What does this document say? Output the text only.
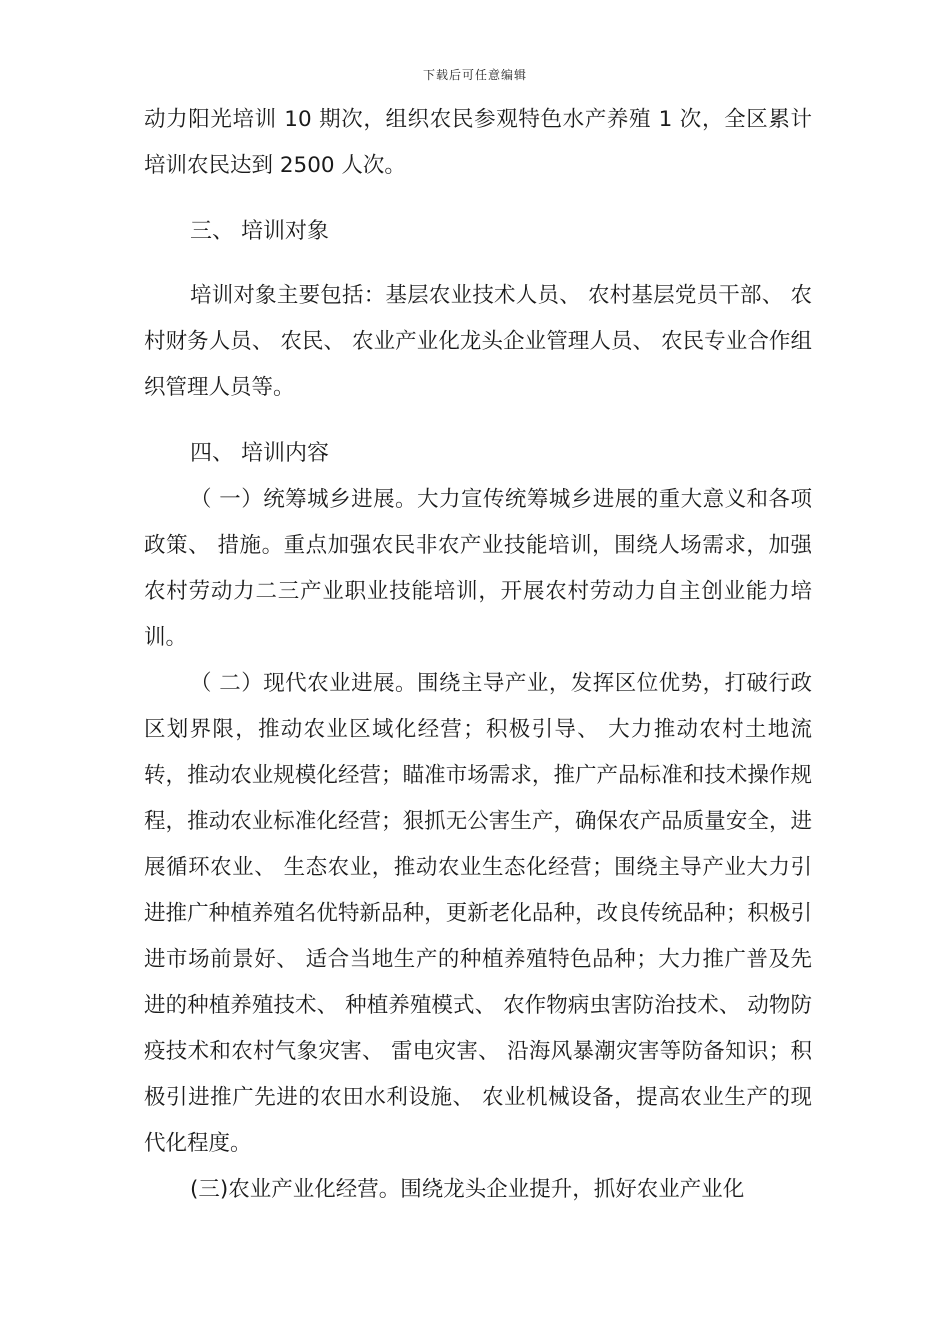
下载后可任意编辑

动力阳光培训 10 期次，组织农民参观特色水产养殖 1 次，全区累计培训农民达到 2500 人次。

三、 培训对象

培训对象主要包括：基层农业技术人员、 农村基层党员干部、 农村财务人员、 农民、 农业产业化龙头企业管理人员、 农民专业合作组织管理人员等。

四、 培训内容

（ 一）统筹城乡进展。大力宣传统筹城乡进展的重大意义和各项政策、 措施。重点加强农民非农产业技能培训，围绕人场需求，加强农村劳动力二三产业职业技能培训，开展农村劳动力自主创业能力培训。

（ 二）现代农业进展。围绕主导产业，发挥区位优势，打破行政区划界限，推动农业区域化经营；积极引导、 大力推动农村土地流转，推动农业规模化经营；瞄准市场需求，推广产品标准和技术操作规程，推动农业标准化经营；狠抓无公害生产，确保农产品质量安全，进展循环农业、 生态农业，推动农业生态化经营；围绕主导产业大力引进推广种植养殖名优特新品种，更新老化品种，改良传统品种；积极引进市场前景好、 适合当地生产的种植养殖特色品种；大力推广普及先进的种植养殖技术、 种植养殖模式、 农作物病虫害防治技术、 动物防疫技术和农村气象灾害、 雷电灾害、 沿海风暴潮灾害等防备知识；积极引进推广先进的农田水利设施、 农业机械设备，提高农业生产的现代化程度。

(三)农业产业化经营。围绕龙头企业提升，抓好农业产业化
